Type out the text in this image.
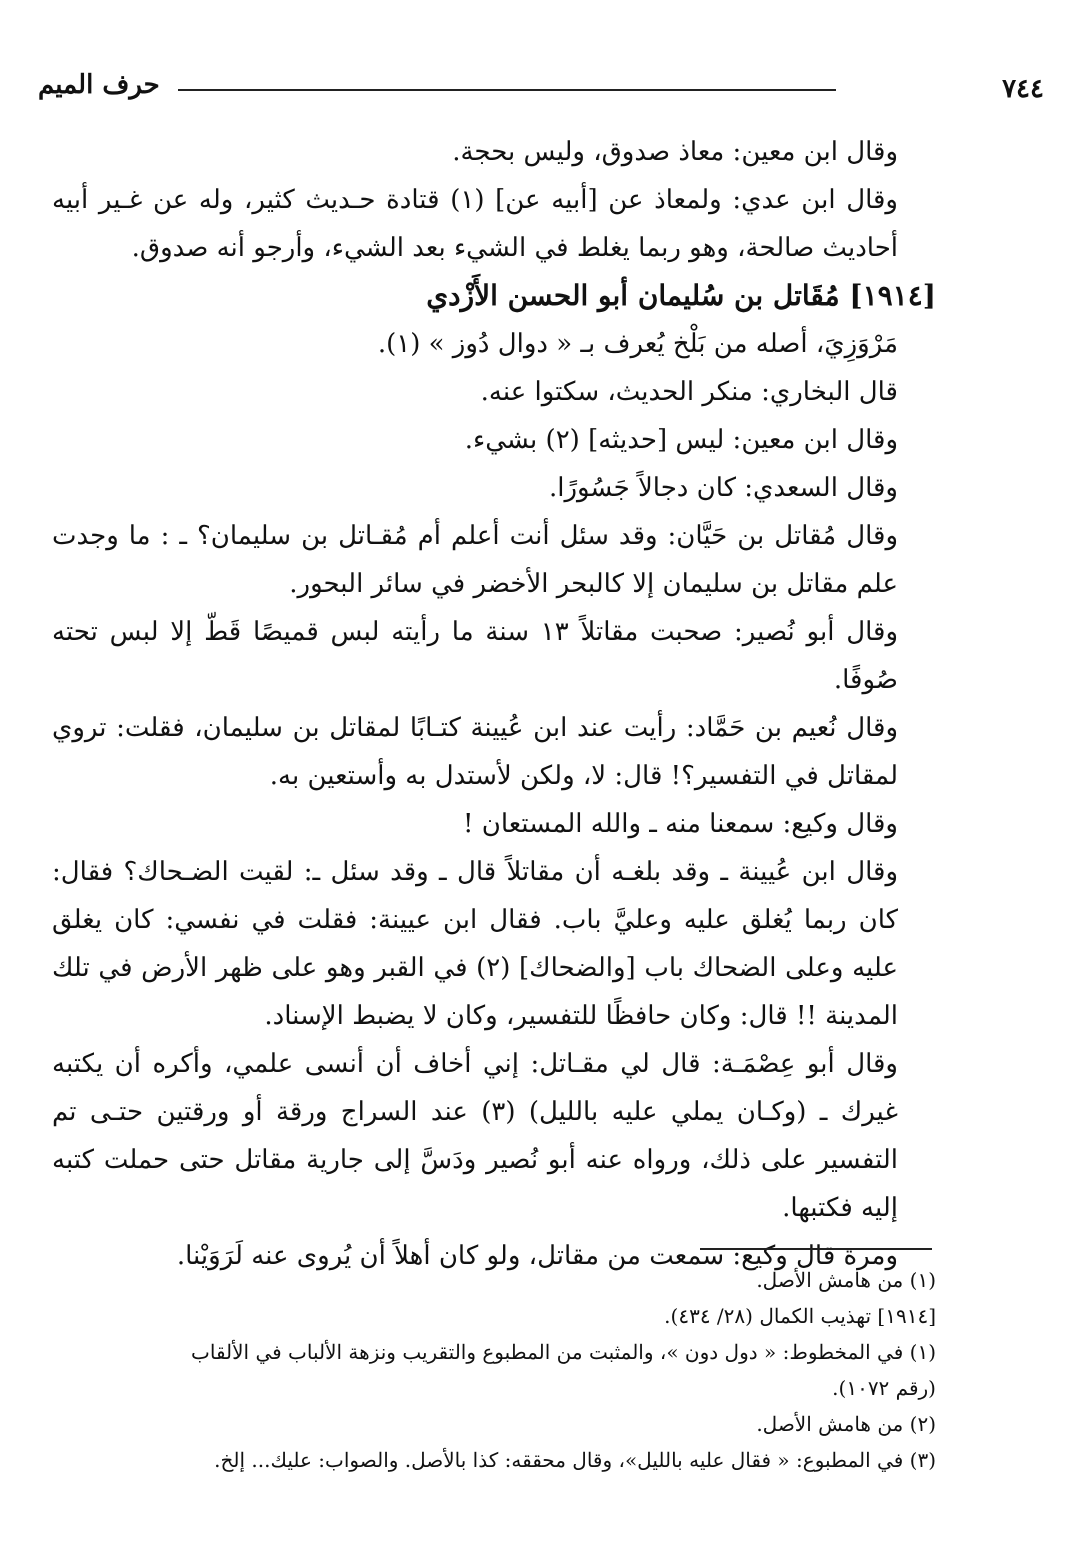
٧٤٤
حرف الميم

وقال ابن معين: معاذ صدوق، وليس بحجة.

وقال ابن عدي: ولمعاذ عن [أبيه عن] (١) قتادة حـديث كثير، وله عن غـير أبيه أحاديث صالحة، وهو ربما يغلط في الشيء بعد الشيء، وأرجو أنه صدوق.

[١٩١٤] مُقَاتل بن سُليمان أبو الحسن الأَزْدي

مَرْوَزِيَ، أصله من بَلْخ يُعرف بـ « دوال دُوز » (١).

قال البخاري: منكر الحديث، سكتوا عنه.

وقال ابن معين: ليس [حديثه] (٢) بشيء.

وقال السعدي: كان دجالاً جَسُورًا.

وقال مُقاتل بن حَيَّان: وقد سئل أنت أعلم أم مُقـاتل بن سليمان؟ ـ : ما وجدت علم مقاتل بن سليمان إلا كالبحر الأخضر في سائر البحور.

وقال أبو نُصير: صحبت مقاتلاً ١٣ سنة ما رأيته لبس قميصًا قَطّ إلا لبس تحته صُوفًا.

وقال نُعيم بن حَمَّاد: رأيت عند ابن عُيينة كتـابًا لمقاتل بن سليمان، فقلت: تروي لمقاتل في التفسير؟! قال: لا، ولكن لأستدل به وأستعين به.

وقال وكيع: سمعنا منه ـ والله المستعان !

وقال ابن عُيينة ـ وقد بلغـه أن مقاتلاً قال ـ وقد سئل ـ: لقيت الضـحاك؟ فقال: كان ربما يُغلق عليه وعليَّ باب. فقال ابن عيينة: فقلت في نفسي: كان يغلق عليه وعلى الضحاك باب [والضحاك] (٢) في القبر وهو على ظهر الأرض في تلك المدينة !! قال: وكان حافظًا للتفسير، وكان لا يضبط الإسناد.

وقال أبو عِصْمَـة: قال لي مقـاتل: إني أخاف أن أنسى علمي، وأكره أن يكتبه غيرك ـ (وكـان يملي عليه بالليل) (٣) عند السراج ورقة أو ورقتين حتـى تم التفسير على ذلك، ورواه عنه أبو نُصير ودَسَّ إلى جارية مقاتل حتى حملت كتبه إليه فكتبها.

ومرة قال وكيع: سمعت من مقاتل، ولو كان أهلاً أن يُروى عنه لَرَوَيْنا.

(١) من هامش الأصل.

[١٩١٤] تهذيب الكمال (٢٨/ ٤٣٤).

(١) في المخطوط: « دول دون »، والمثبت من المطبوع والتقريب ونزهة الألباب في الألقاب (رقم ١٠٧٢).

(٢) من هامش الأصل.

(٣) في المطبوع: « فقال عليه بالليل»، وقال محققه: كذا بالأصل. والصواب: عليك... إلخ.
